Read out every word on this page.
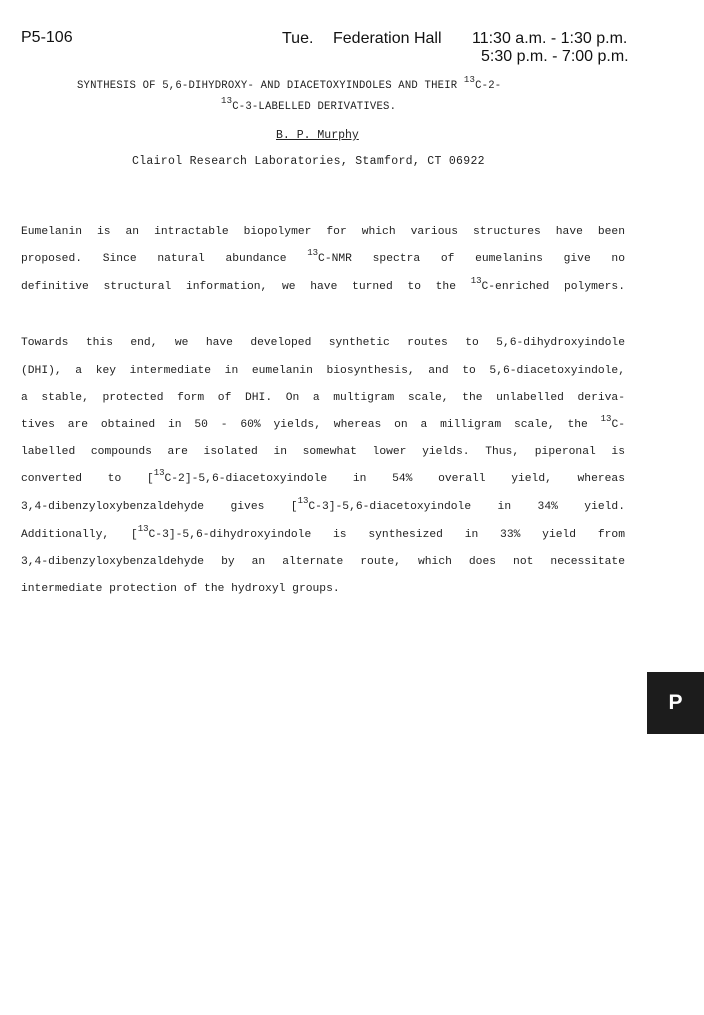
P5-106	Tue. Federation Hall 11:30 a.m. - 1:30 p.m.
5:30 p.m. - 7:00 p.m.
SYNTHESIS OF 5,6-DIHYDROXY- AND DIACETOXYINDOLES AND THEIR $^{13}$C-2-
$^{13}$C-3-LABELLED DERIVATIVES.
B. P. Murphy
Clairol Research Laboratories, Stamford, CT 06922
Eumelanin is an intractable biopolymer for which various structures have been
proposed. Since natural abundance $^{13}$C-NMR spectra of eumelanins give no
definitive structural information, we have turned to the $^{13}$C-enriched polymers.
Towards this end, we have developed synthetic routes to 5,6-dihydroxyindole
(DHI), a key intermediate in eumelanin biosynthesis, and to 5,6-diacetoxyindole,
a stable, protected form of DHI. On a multigram scale, the unlabelled deriva-
tives are obtained in 50 - 60% yields, whereas on a milligram scale, the $^{13}$C-
labelled compounds are isolated in somewhat lower yields. Thus, piperonal is
converted to [$^{13}$C-2]-5,6-diacetoxyindole in 54% overall yield, whereas
3,4-dibenzyloxybenzaldehyde gives [$^{13}$C-3]-5,6-diacetoxyindole in 34% yield.
Additionally, [$^{13}$C-3]-5,6-dihydroxyindole is synthesized in 33% yield from
3,4-dibenzyloxybenzaldehyde by an alternate route, which does not necessitate
intermediate protection of the hydroxyl groups.
P
